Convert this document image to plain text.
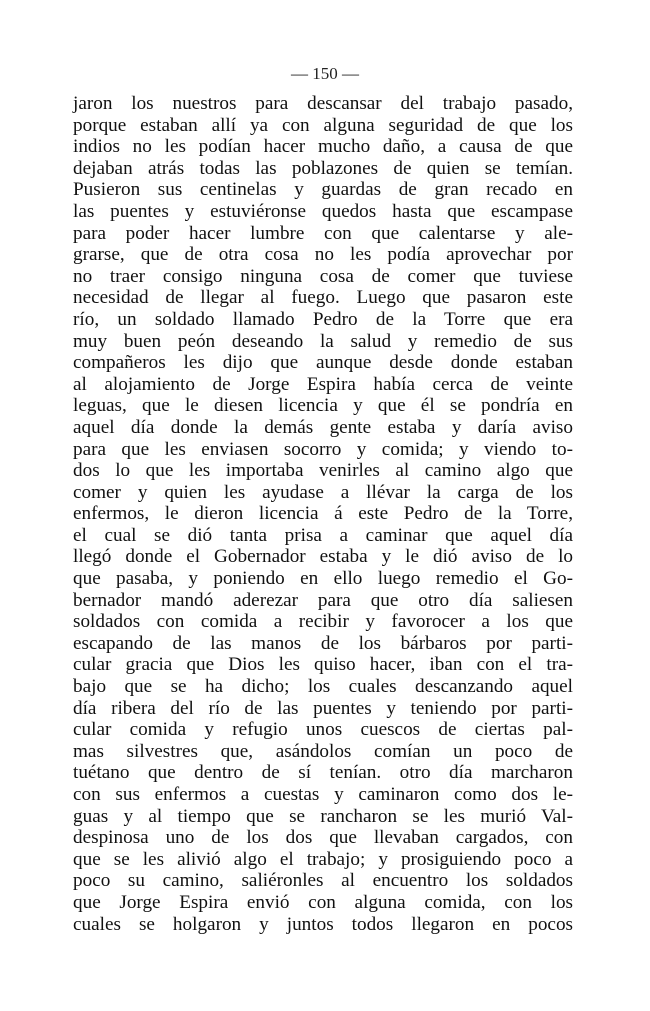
— 150 —
jaron los nuestros para descansar del trabajo pasado,
porque estaban allí ya con alguna seguridad de que los
indios no les podían hacer mucho daño, a causa de que
dejaban atrás todas las poblazones de quien se temían.
Pusieron sus centinelas y guardas de gran recado en
las puentes y estuviéronse quedos hasta que escampase
para poder hacer lumbre con que calentarse y ale-
grarse, que de otra cosa no les podía aprovechar por
no traer consigo ninguna cosa de comer que tuviese
necesidad de llegar al fuego. Luego que pasaron este
río, un soldado llamado Pedro de la Torre que era
muy buen peón deseando la salud y remedio de sus
compañeros les dijo que aunque desde donde estaban
al alojamiento de Jorge Espira había cerca de veinte
leguas, que le diesen licencia y que él se pondría en
aquel día donde la demás gente estaba y daría aviso
para que les enviasen socorro y comida; y viendo to-
dos lo que les importaba venirles al camino algo que
comer y quien les ayudase a llévar la carga de los
enfermos, le dieron licencia á este Pedro de la Torre,
el cual se dió tanta prisa a caminar que aquel día
llegó donde el Gobernador estaba y le dió aviso de lo
que pasaba, y poniendo en ello luego remedio el Go-
bernador mandó aderezar para que otro día saliesen
soldados con comida a recibir y favorocer a los que
escapando de las manos de los bárbaros por parti-
cular gracia que Dios les quiso hacer, iban con el tra-
bajo que se ha dicho; los cuales descanzando aquel
día ribera del río de las puentes y teniendo por parti-
cular comida y refugio unos cuescos de ciertas pal-
mas silvestres que, asándolos comían un poco de
tuétano que dentro de sí tenían. otro día marcharon
con sus enfermos a cuestas y caminaron como dos le-
guas y al tiempo que se rancharon se les murió Val-
despinosa uno de los dos que llevaban cargados, con
que se les alivió algo el trabajo; y prosiguiendo poco a
poco su camino, saliéronles al encuentro los soldados
que Jorge Espira envió con alguna comida, con los
cuales se holgaron y juntos todos llegaron en pocos
